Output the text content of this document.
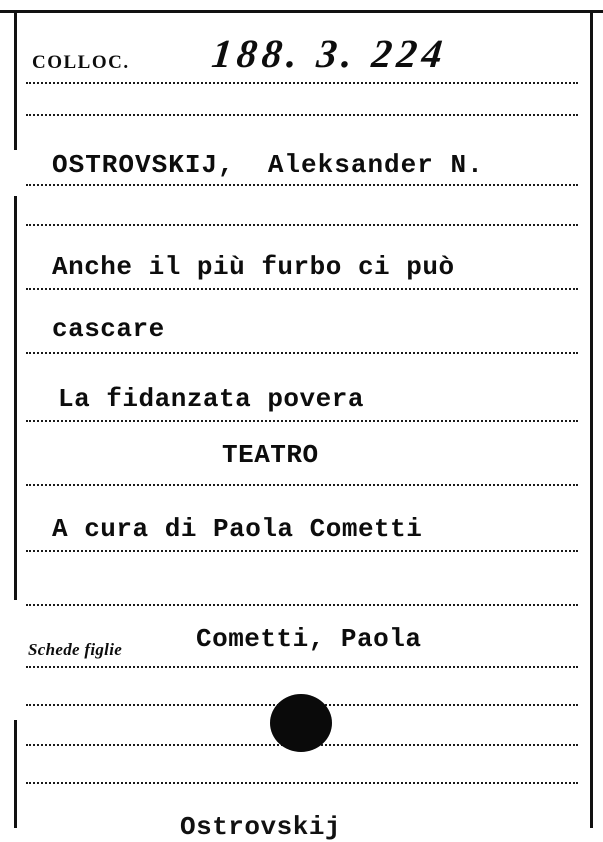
COLLOC. 188. 3. 224
OSTROVSKIJ,  Aleksander N.
Anche il più furbo ci può
cascare
La fidanzata povera
TEATRO
A cura di Paola Cometti
Schede figlie	Cometti, Paola
Ostrovskij
